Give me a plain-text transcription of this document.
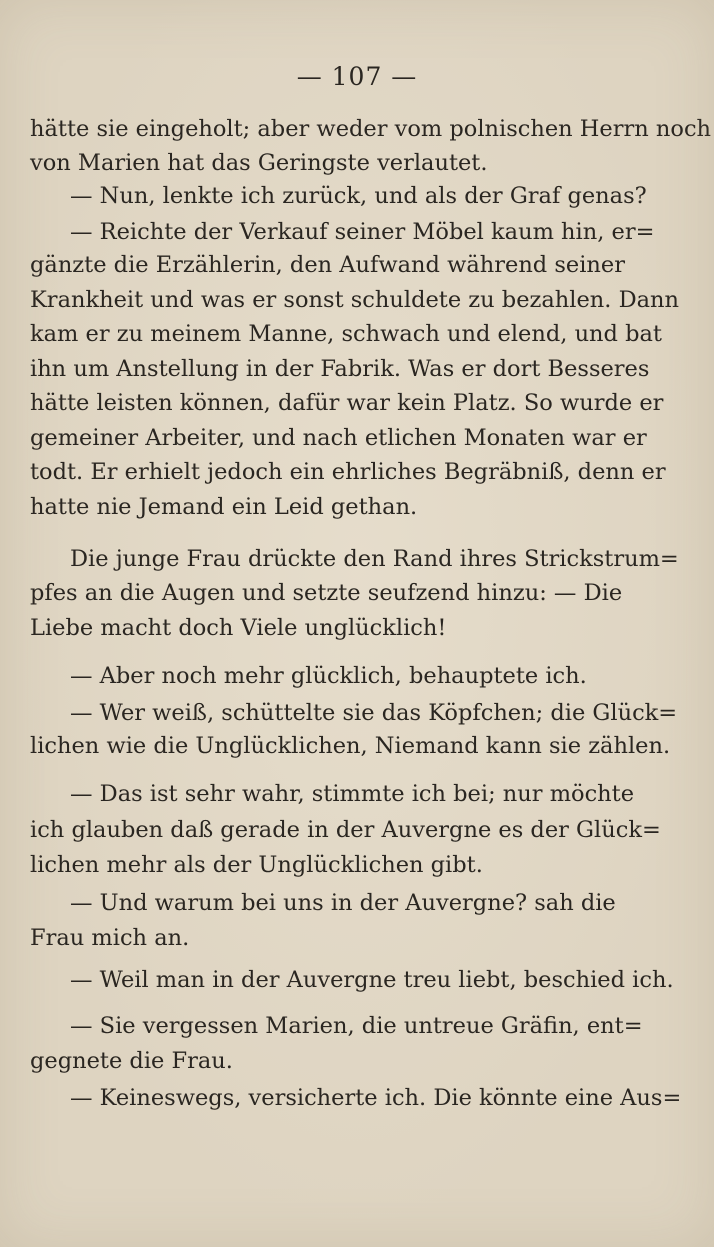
— 107 —
hätte sie eingeholt; aber weder vom polnischen Herrn noch
von Marien hat das Geringste verlautet.
— Nun, lenkte ich zurück, und als der Graf genas?
— Reichte der Verkauf seiner Möbel kaum hin, er=
gänzte die Erzählerin, den Aufwand während seiner
Krankheit und was er sonst schuldete zu bezahlen. Dann
kam er zu meinem Manne, schwach und elend, und bat
ihn um Anstellung in der Fabrik. Was er dort Besseres
hätte leisten können, dafür war kein Platz. So wurde er
gemeiner Arbeiter, und nach etlichen Monaten war er
todt. Er erhielt jedoch ein ehrliches Begräbniß, denn er
hatte nie Jemand ein Leid gethan.
Die junge Frau drückte den Rand ihres Strickstrum=
pfes an die Augen und setzte seufzend hinzu: — Die
Liebe macht doch Viele unglücklich!
— Aber noch mehr glücklich, behauptete ich.
— Wer weiß, schüttelte sie das Köpfchen; die Glück=
lichen wie die Unglücklichen, Niemand kann sie zählen.
— Das ist sehr wahr, stimmte ich bei; nur möchte
ich glauben daß gerade in der Auvergne es der Glück=
lichen mehr als der Unglücklichen gibt.
— Und warum bei uns in der Auvergne? sah die
Frau mich an.
— Weil man in der Auvergne treu liebt, beschied ich.
— Sie vergessen Marien, die untreue Gräfin, ent=
gegnete die Frau.
— Keineswegs, versicherte ich. Die könnte eine Aus=
